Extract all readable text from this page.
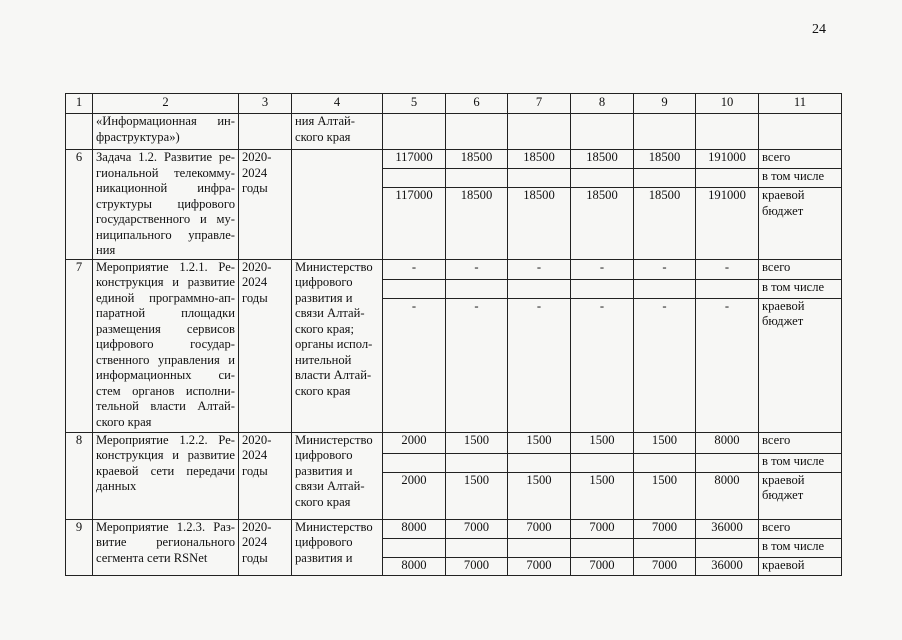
24
1	2	3	4	5	6	7	8	9	10	11
	«Информационная ин-фраструктура»)		ния Алтай-ского края							
6	Задача 1.2. Развитие ре-гиональной телекомму-никационной инфра-структуры цифрового государственного и му-ниципального управле-ния	2020-2024 годы		117000	18500	18500	18500	18500	191000	всего
										в том числе
				117000	18500	18500	18500	18500	191000	краевой бюджет
7	Мероприятие 1.2.1. Ре-конструкция и развитие единой программно-ап-паратной площадки размещения сервисов цифрового государ-ственного управления и информационных си-стем органов исполни-тельной власти Алтай-ского края	2020-2024 годы	Министерство цифрового развития и связи Алтай-ского края; органы испол-нительной власти Алтай-ского края	-	-	-	-	-	-	всего
										в том числе
				-	-	-	-	-	-	краевой бюджет
8	Мероприятие 1.2.2. Ре-конструкция и развитие краевой сети передачи данных	2020-2024 годы	Министерство цифрового развития и связи Алтай-ского края	2000	1500	1500	1500	1500	8000	всего
										в том числе
				2000	1500	1500	1500	1500	8000	краевой бюджет
9	Мероприятие 1.2.3. Раз-витие регионального сегмента сети RSNet	2020-2024 годы	Министерство цифрового развития и	8000	7000	7000	7000	7000	36000	всего
										в том числе
				8000	7000	7000	7000	7000	36000	краевой
